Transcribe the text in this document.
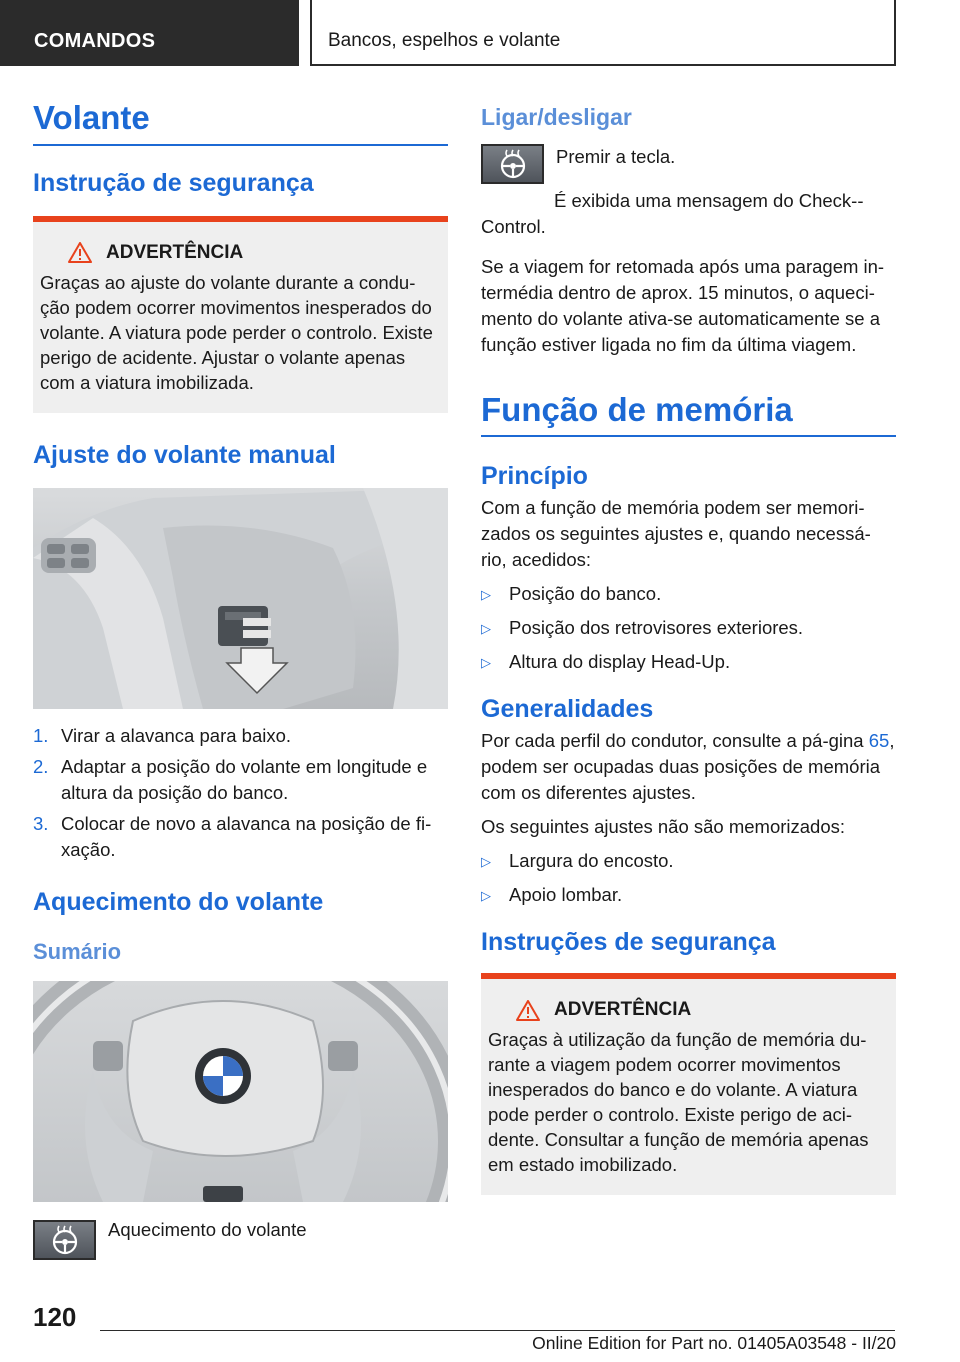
COMANDOS	Bancos, espelhos e volante
Volante
Instrução de segurança
ADVERTÊNCIA

Graças ao ajuste do volante durante a condu-ção podem ocorrer movimentos inesperados do volante. A viatura pode perder o controlo. Existe perigo de acidente. Ajustar o volante apenas com a viatura imobilizada.

Ajuste do volante manual
1. Virar a alavanca para baixo.
2. Adaptar a posição do volante em longitude e altura da posição do banco.
3. Colocar de novo a alavanca na posição de fi-xação.
Aquecimento do volante
Sumário
Aquecimento do volante
Ligar/desligar

Premir a tecla.

É exibida uma mensagem do Check--Control.

Se a viagem for retomada após uma paragem in-termédia dentro de aprox. 15 minutos, o aqueci-mento do volante ativa-se automaticamente se a função estiver ligada no fim da última viagem.

Função de memória
Princípio

Com a função de memória podem ser memori-zados os seguintes ajustes e, quando necessá-rio, acedidos:

▷ Posição do banco.
▷ Posição dos retrovisores exteriores.
▷ Altura do display Head-Up.
Generalidades

Por cada perfil do condutor, consulte a pá-gina 65, podem ser ocupadas duas posições de memória com os diferentes ajustes.

Os seguintes ajustes não são memorizados:

▷ Largura do encosto.
▷ Apoio lombar.
Instruções de segurança
ADVERTÊNCIA

Graças à utilização da função de memória du-rante a viagem podem ocorrer movimentos inesperados do banco e do volante. A viatura pode perder o controlo. Existe perigo de aci-dente. Consultar a função de memória apenas em estado imobilizado.

120
Online Edition for Part no. 01405A03548 - II/20
